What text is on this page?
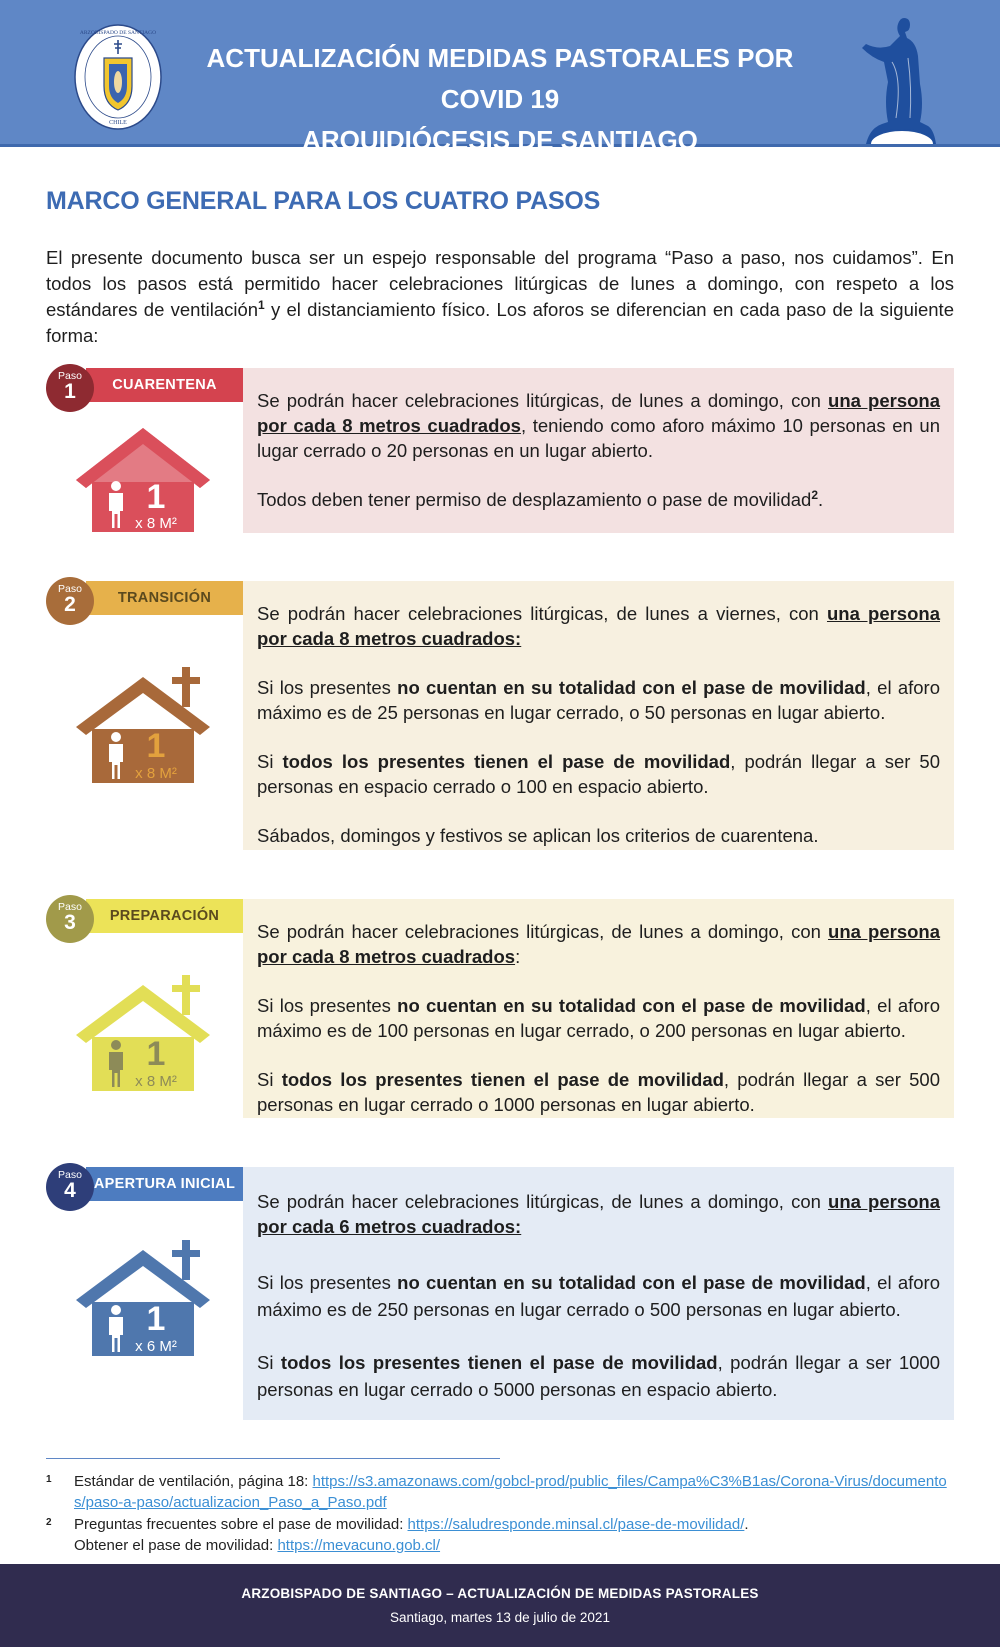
CHILE
ARZOBISPADO DE SANTIAGO
ACTUALIZACIÓN MEDIDAS PASTORALES POR COVID 19
ARQUIDIÓCESIS DE SANTIAGO
MARCO GENERAL PARA LOS CUATRO PASOS

El presente documento busca ser un espejo responsable del programa “Paso a paso, nos cuidamos”. En todos los pasos está permitido hacer celebraciones litúrgicas de lunes a domingo, con respeto a los estándares de ventilación$^1$ y el distanciamiento físico. Los aforos se diferencian en cada paso de la siguiente forma:

CUARENTENA
Paso
1
1
x 8 M²

Se podrán hacer celebraciones litúrgicas, de lunes a domingo, con una persona por cada 8 metros cuadrados, teniendo como aforo máximo 10 personas en un lugar cerrado o 20 personas en un lugar abierto.

Todos deben tener permiso de desplazamiento o pase de movilidad$^2$.

TRANSICIÓN
Paso
2
1
x 8 M²

Se podrán hacer celebraciones litúrgicas, de lunes a viernes, con una persona por cada 8 metros cuadrados:

Si los presentes no cuentan en su totalidad con el pase de movilidad, el aforo máximo es de 25 personas en lugar cerrado, o 50 personas en lugar abierto.

Si todos los presentes tienen el pase de movilidad, podrán llegar a ser 50 personas en espacio cerrado o 100 en espacio abierto.

Sábados, domingos y festivos se aplican los criterios de cuarentena.

PREPARACIÓN
Paso
3
1
x 8 M²

Se podrán hacer celebraciones litúrgicas, de lunes a domingo, con una persona por cada 8 metros cuadrados:

Si los presentes no cuentan en su totalidad con el pase de movilidad, el aforo máximo es de 100 personas en lugar cerrado, o 200 personas en lugar abierto.

Si todos los presentes tienen el pase de movilidad, podrán llegar a ser 500 personas en lugar cerrado o 1000 personas en lugar abierto.

APERTURA INICIAL
Paso
4
1
x 6 M²

Se podrán hacer celebraciones litúrgicas, de lunes a domingo, con una persona por cada 6 metros cuadrados:

Si los presentes no cuentan en su totalidad con el pase de movilidad, el aforo máximo es de 250 personas en lugar cerrado o 500 personas en lugar abierto.

Si todos los presentes tienen el pase de movilidad, podrán llegar a ser 1000 personas en lugar cerrado o 5000 personas en espacio abierto.

1 Estándar de ventilación, página 18: https://s3.amazonaws.com/gobcl-prod/public_files/Campa%C3%B1as/Corona-Virus/documentos/paso-a-paso/actualizacion_Paso_a_Paso.pdf
2 Preguntas frecuentes sobre el pase de movilidad: https://saludresponde.minsal.cl/pase-de-movilidad/.
Obtener el pase de movilidad: https://mevacuno.gob.cl/
ARZOBISPADO DE SANTIAGO – ACTUALIZACIÓN DE MEDIDAS PASTORALES
Santiago, martes 13 de julio de 2021
